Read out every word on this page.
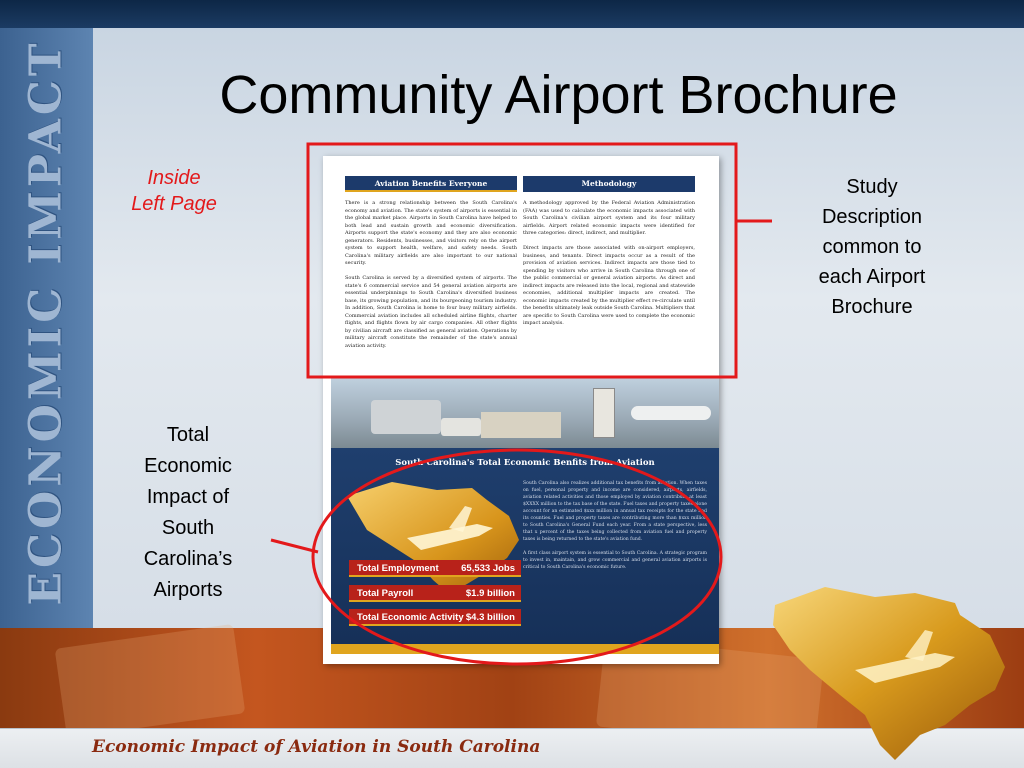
ECONOMIC IMPACT
Economic Impact of Aviation in South Carolina
Community Airport Brochure
Inside
Left Page
Study
Description
common to
each Airport
Brochure
Total
Economic
Impact of
South
Carolina’s
Airports
Aviation Benefits Everyone
There is a strong relationship between the South Carolina's economy and aviation. The state's system of airports is essential in the global market place. Airports in South Carolina have helped to both lead and sustain growth and economic diversification. Airports support the state's economy and they are also economic generators. Residents, businesses, and visitors rely on the airport system to support health, welfare, and safety needs. South Carolina's military airfields are also important to our national security.

South Carolina is served by a diversified system of airports. The state's 6 commercial service and 54 general aviation airports are essential underpinnings to South Carolina's diversified business base, its growing population, and its bourgeoning tourism industry. In addition, South Carolina is home to four busy military airfields. Commercial aviation includes all scheduled airline flights, charter flights, and flights flown by air cargo companies. All other flights by civilian aircraft are classified as general aviation. Operations by military aircraft constitute the remainder of the state's annual aviation activity.
Methodology
A methodology approved by the Federal Aviation Administration (FAA) was used to calculate the economic impacts associated with South Carolina's civilian airport system and its four military airfields. Airport related economic impacts were identified for three categories: direct, indirect, and multiplier.

Direct impacts are those associated with on-airport employers, business, and tenants. Direct impacts occur as a result of the provision of aviation services. Indirect impacts are those tied to spending by visitors who arrive in South Carolina through one of the public commercial or general aviation airports. As direct and indirect impacts are released into the local, regional and statewide economies, additional multiplier impacts are created. The economic impacts created by the multiplier effect re-circulate until the benefits ultimately leak outside South Carolina. Multipliers that are specific to South Carolina were used to complete the economic impact analysis.
South Carolina's Total Economic Benfits from Aviation
Total Employment 65,533 Jobs
Total Payroll	$1.9 billion
Total Economic Activity $4.3 billion
South Carolina also realizes additional tax benefits from aviation. When taxes on fuel, personal property and income are considered, airports, airfields, aviation related activities and those employed by aviation contribute at least $XXXX million to the tax base of the state. Fuel taxes and property taxes alone account for an estimated $xxx million in annual tax receipts for the state and its counties. Fuel and property taxes are contributing more than $xxx million to South Carolina's General Fund each year. From a state perspective, less that x percent of the taxes being collected from aviation fuel and property taxes is being returned to the state's aviation fund.

A first class airport system is essential to South Carolina. A strategic program to invest in, maintain, and grow commercial and general aviation airports is critical to South Carolina's economic future.
